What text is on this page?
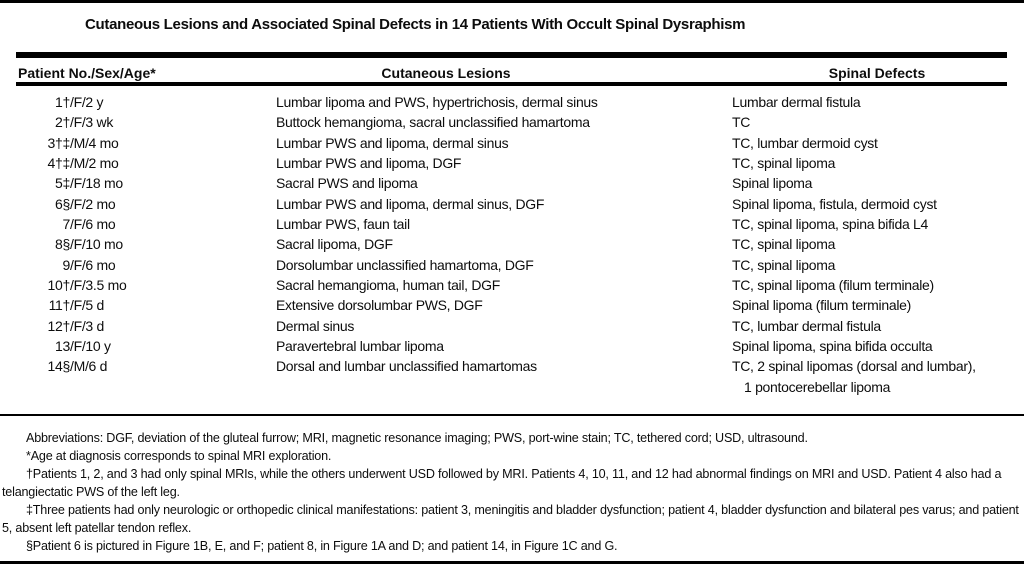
Cutaneous Lesions and Associated Spinal Defects in 14 Patients With Occult Spinal Dysraphism
Patient No./Sex/Age*	Cutaneous Lesions	Spinal Defects
1†/F/2 y	Lumbar lipoma and PWS, hypertrichosis, dermal sinus	Lumbar dermal fistula
2†/F/3 wk	Buttock hemangioma, sacral unclassified hamartoma	TC
3†‡/M/4 mo	Lumbar PWS and lipoma, dermal sinus	TC, lumbar dermoid cyst
4†‡/M/2 mo	Lumbar PWS and lipoma, DGF	TC, spinal lipoma
5‡/F/18 mo	Sacral PWS and lipoma	Spinal lipoma
6§/F/2 mo	Lumbar PWS and lipoma, dermal sinus, DGF	Spinal lipoma, fistula, dermoid cyst
7/F/6 mo	Lumbar PWS, faun tail	TC, spinal lipoma, spina bifida L4
8§/F/10 mo	Sacral lipoma, DGF	TC, spinal lipoma
9/F/6 mo	Dorsolumbar unclassified hamartoma, DGF	TC, spinal lipoma
10†/F/3.5 mo	Sacral hemangioma, human tail, DGF	TC, spinal lipoma (filum terminale)
11†/F/5 d	Extensive dorsolumbar PWS, DGF	Spinal lipoma (filum terminale)
12†/F/3 d	Dermal sinus	TC, lumbar dermal fistula
13/F/10 y	Paravertebral lumbar lipoma	Spinal lipoma, spina bifida occulta
14§/M/6 d	Dorsal and lumbar unclassified hamartomas	TC, 2 spinal lipomas (dorsal and lumbar),
1 pontocerebellar lipoma

Abbreviations: DGF, deviation of the gluteal furrow; MRI, magnetic resonance imaging; PWS, port-wine stain; TC, tethered cord; USD, ultrasound.

*Age at diagnosis corresponds to spinal MRI exploration.

†Patients 1, 2, and 3 had only spinal MRIs, while the others underwent USD followed by MRI. Patients 4, 10, 11, and 12 had abnormal findings on MRI and USD. Patient 4 also had a telangiectatic PWS of the left leg.

‡Three patients had only neurologic or orthopedic clinical manifestations: patient 3, meningitis and bladder dysfunction; patient 4, bladder dysfunction and bilateral pes varus; and patient 5, absent left patellar tendon reflex.

§Patient 6 is pictured in Figure 1B, E, and F; patient 8, in Figure 1A and D; and patient 14, in Figure 1C and G.
